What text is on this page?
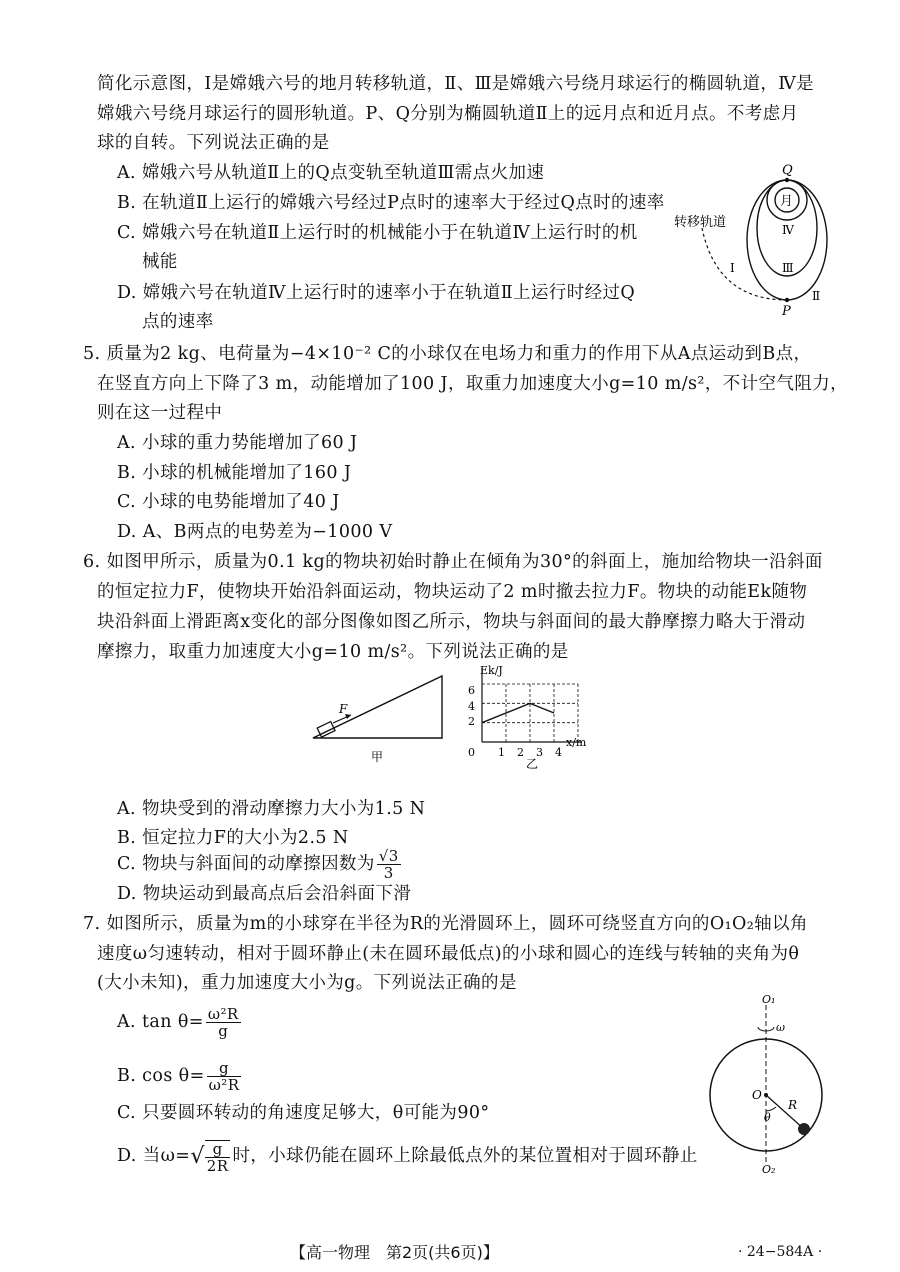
简化示意图，Ⅰ是嫦娥六号的地月转移轨道，Ⅱ、Ⅲ是嫦娥六号绕月球运行的椭圆轨道，Ⅳ是
嫦娥六号绕月球运行的圆形轨道。P、Q分别为椭圆轨道Ⅱ上的远月点和近月点。不考虑月
球的自转。下列说法正确的是
A. 嫦娥六号从轨道Ⅱ上的Q点变轨至轨道Ⅲ需点火加速
B. 在轨道Ⅱ上运行的嫦娥六号经过P点时的速率大于经过Q点时的速率
C. 嫦娥六号在轨道Ⅱ上运行时的机械能小于在轨道Ⅳ上运行时的机
械能
D. 嫦娥六号在轨道Ⅳ上运行时的速率小于在轨道Ⅱ上运行时经过Q
点的速率
Q
月
Ⅳ
Ⅲ
Ⅱ
Ⅰ
P
转移轨道
5. 质量为2 kg、电荷量为−4×10⁻² C的小球仅在电场力和重力的作用下从A点运动到B点，
在竖直方向上下降了3 m，动能增加了100 J，取重力加速度大小g=10 m/s²，不计空气阻力，
则在这一过程中
A. 小球的重力势能增加了60 J
B. 小球的机械能增加了160 J
C. 小球的电势能增加了40 J
D. A、B两点的电势差为−1000 V
6. 如图甲所示，质量为0.1 kg的物块初始时静止在倾角为30°的斜面上，施加给物块一沿斜面
的恒定拉力F，使物块开始沿斜面运动，物块运动了2 m时撤去拉力F。物块的动能Ek随物
块沿斜面上滑距离x变化的部分图像如图乙所示，物块与斜面间的最大静摩擦力略大于滑动
摩擦力，取重力加速度大小g=10 m/s²。下列说法正确的是
F
甲
Ek/J
x/m
2
4
6
0 1 2 3 4
乙
A. 物块受到的滑动摩擦力大小为1.5 N
B. 恒定拉力F的大小为2.5 N
C. 物块与斜面间的动摩擦因数为 $\frac{√3}{3}$
D. 物块运动到最高点后会沿斜面下滑
7. 如图所示，质量为m的小球穿在半径为R的光滑圆环上，圆环可绕竖直方向的O₁O₂轴以角
速度ω匀速转动，相对于圆环静止(未在圆环最低点)的小球和圆心的连线与转轴的夹角为θ
(大小未知)，重力加速度大小为g。下列说法正确的是
A. $\tan \theta= \frac{\text{ω²R}}{g}$
B. $\cos \theta= \frac{g}{\text{ω²R}}$
C. 只要圆环转动的角速度足够大，θ可能为90°
D. 当$\omega=√ \frac{g}{2R}$ 时，小球仍能在圆环上除最低点外的某位置相对于圆环静止
O₁
ω
O
R
θ
O₂
【高一物理　第2页(共6页)】	· 24−584A ·
